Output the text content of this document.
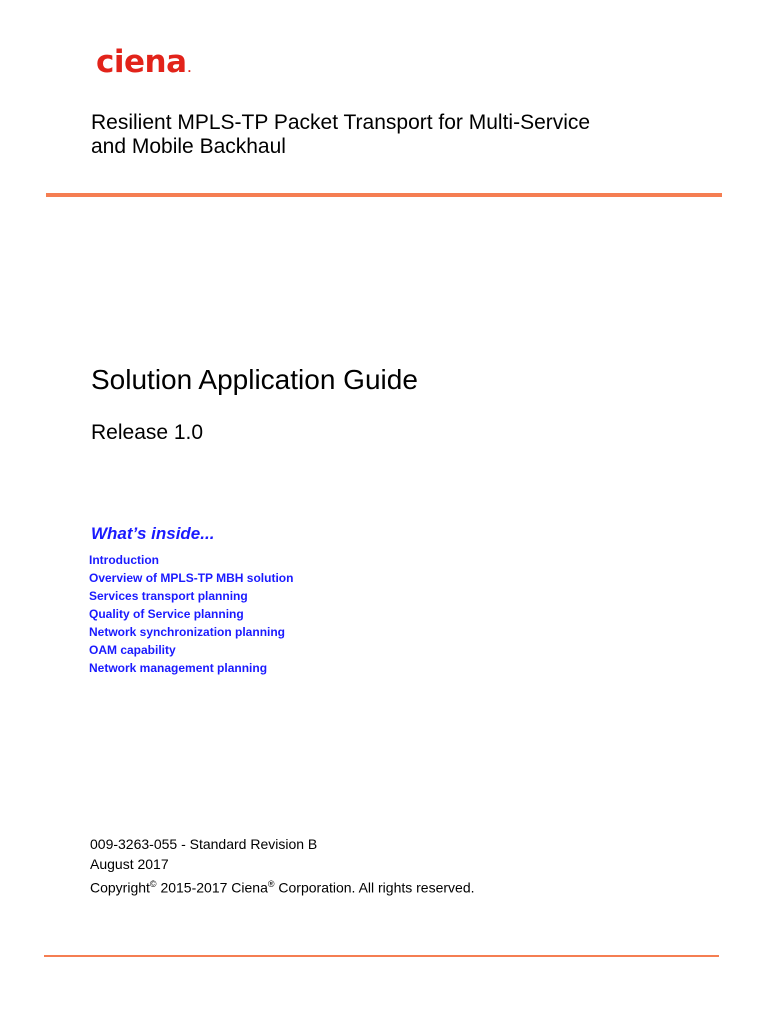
ciena.
Resilient MPLS-TP Packet Transport for Multi-Service
and Mobile Backhaul
Solution Application Guide
Release 1.0
What’s inside...
Introduction
Overview of MPLS-TP MBH solution
Services transport planning
Quality of Service planning
Network synchronization planning
OAM capability
Network management planning
009-3263-055 - Standard Revision B
August 2017
Copyright© 2015-2017 Ciena® Corporation. All rights reserved.
